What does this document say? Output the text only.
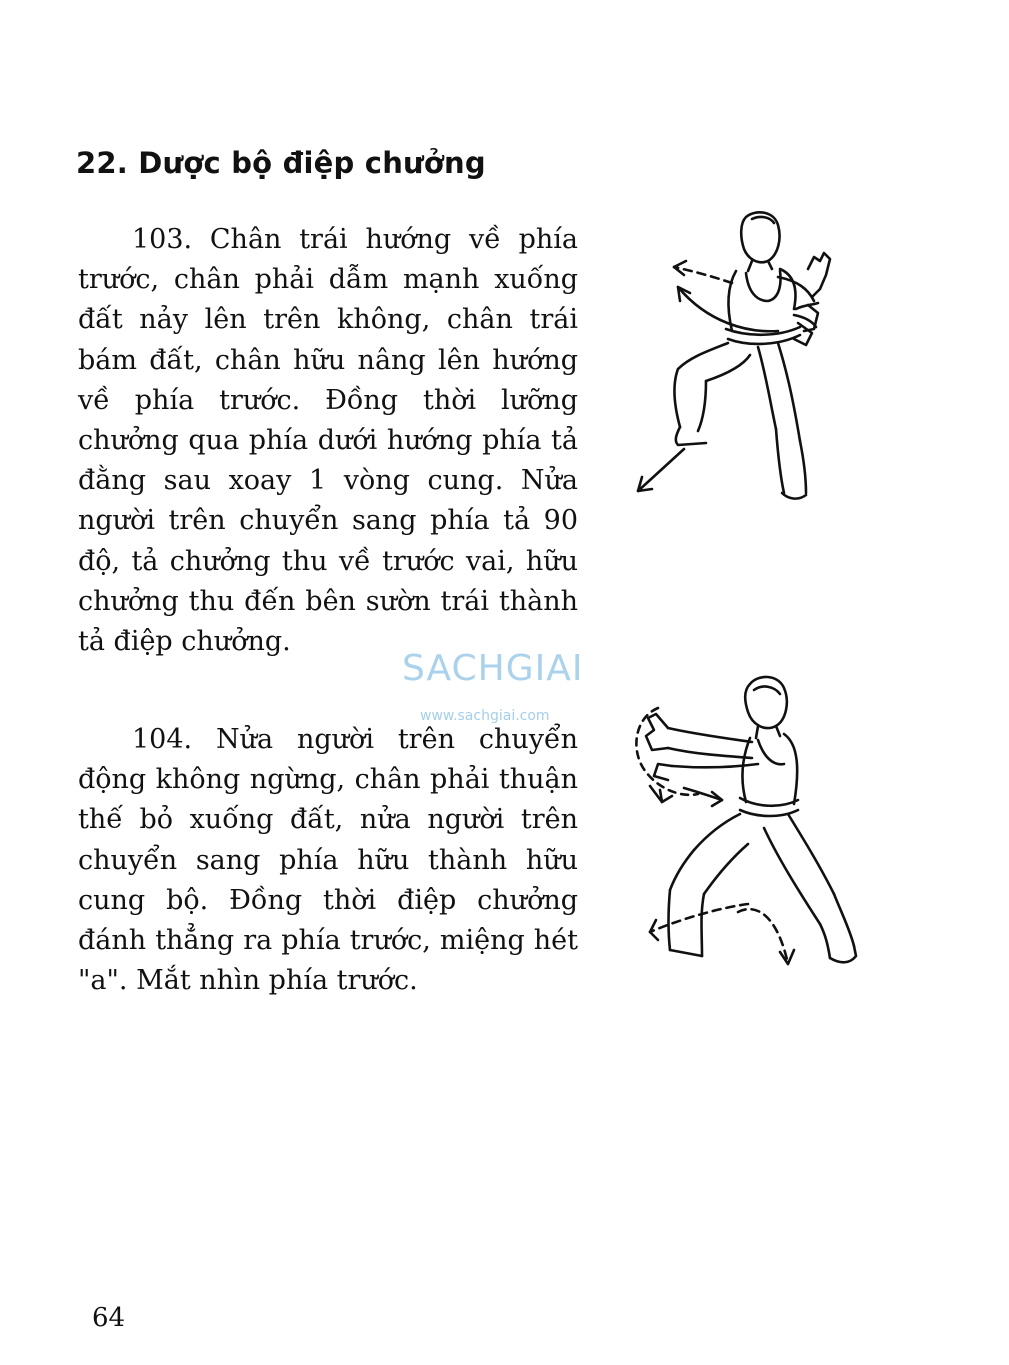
22. Dược bộ điệp chưởng

103. Chân trái hướng về phía trước, chân phải dẫm mạnh xuống đất nảy lên trên không, chân trái bám đất, chân hữu nâng lên hướng về phía trước. Đồng thời lưỡng chưởng qua phía dưới hướng phía tả đằng sau xoay 1 vòng cung. Nửa người trên chuyển sang phía tả 90 độ, tả chưởng thu về trước vai, hữu chưởng thu đến bên sườn trái thành tả điệp chưởng.

104. Nửa người trên chuyển động không ngừng, chân phải thuận thế bỏ xuống đất, nửa người trên chuyển sang phía hữu thành hữu cung bộ. Đồng thời điệp chưởng đánh thẳng ra phía trước, miệng hét "a". Mắt nhìn phía trước.

SACHGIAI
www.sachgiai.com
64
